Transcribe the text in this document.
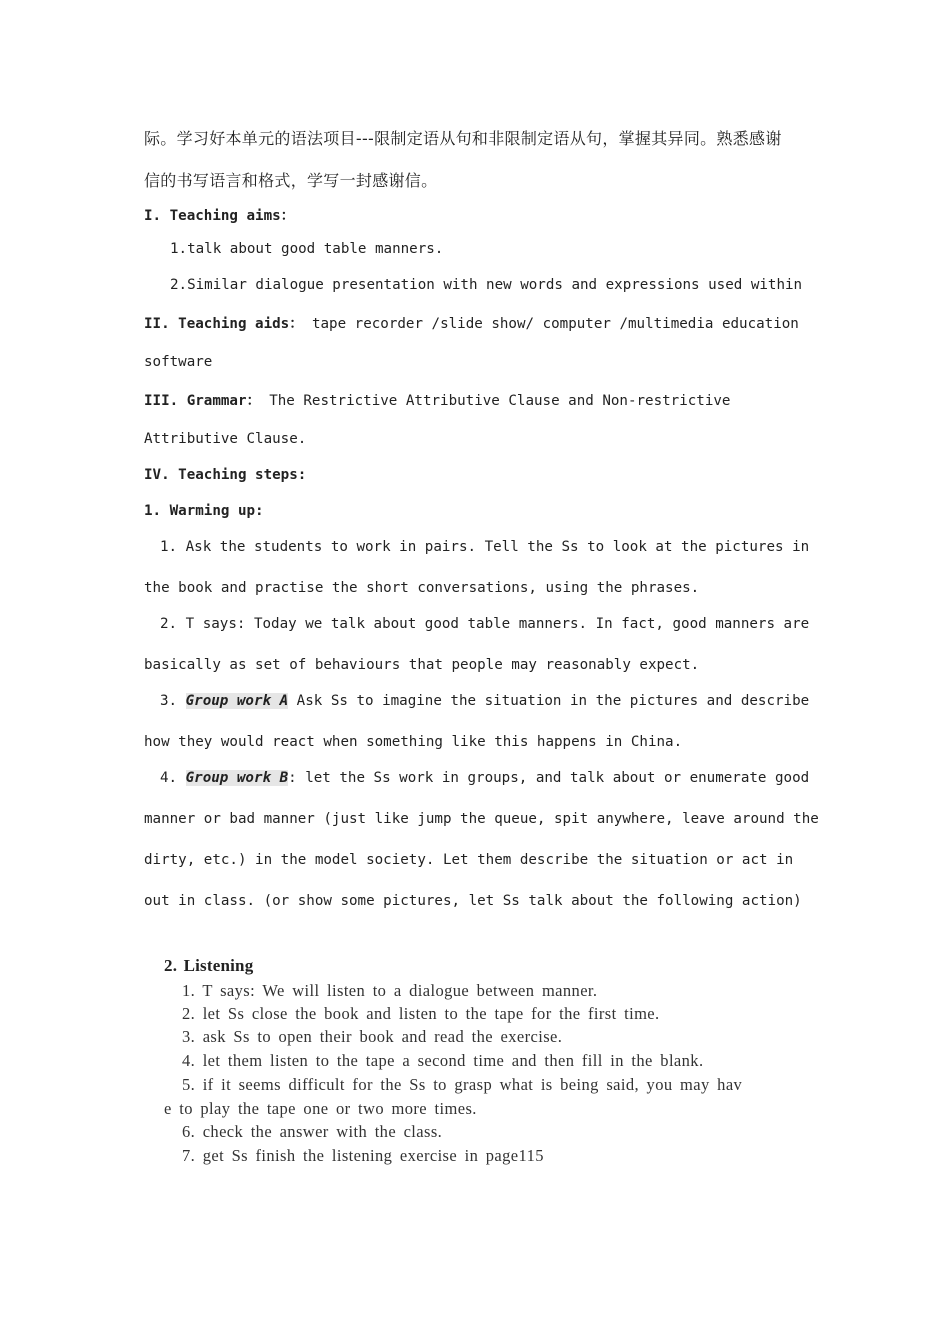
际。学习好本单元的语法项目---限制定语从句和非限制定语从句，掌握其异同。熟悉感谢
信的书写语言和格式，学写一封感谢信。
I. Teaching aims：
1.talk about good table manners.
2.Similar dialogue presentation with new words and expressions used within
II. Teaching aids： tape recorder /slide show/ computer /multimedia education
software
III. Grammar： The Restrictive Attributive Clause and Non-restrictive
Attributive Clause.
IV. Teaching steps:
1. Warming up:
1. Ask the students to work in pairs. Tell the Ss to look at the pictures in
the book and practise the short conversations, using the phrases.
2. T says: Today we talk about good table manners. In fact, good manners are
basically as set of behaviours that people may reasonably expect.
3. Group work A Ask Ss to imagine the situation in the pictures and describe
how they would react when something like this happens in China.
4. Group work B: let the Ss work in groups, and talk about or enumerate good
manner or bad manner (just like jump the queue, spit anywhere, leave around the
dirty, etc.) in the model society. Let them describe the situation or act in
out in class. (or show some pictures, let Ss talk about the following action)
2. Listening
1. T says: We will listen to a dialogue between manner.
2. let Ss close the book and listen to the tape for the first time.
3. ask Ss to open their book and read the exercise.
4. let them listen to the tape a second time and then fill in the blank.
5. if it seems difficult for the Ss to grasp what is being said, you may hav
e to play the tape one or two more times.
6. check the answer with the class.
7. get Ss finish the listening exercise in page115
